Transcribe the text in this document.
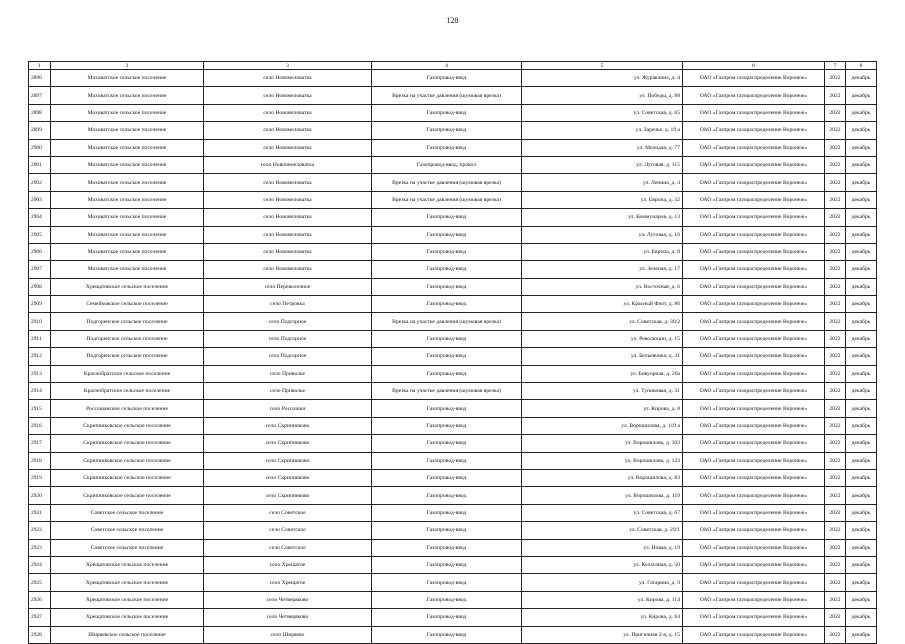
128
1	2	3	4	5	6	7	8
2896	Моховатское сельское поселение	село Новомеловатка	Газопровод-ввод	ул. Журавлина, д. 4	ОАО «Газпром газораспределение Воронеж»	2022	декабрь
2897	Моховатское сельское поселение	село Новомеловатка	Врезка на участке давления (шумовая врезка)	ул. Победы, д. 88	ОАО «Газпром газораспределение Воронеж»	2022	декабрь
2898	Моховатское сельское поселение	село Новомеловатка	Газопровод-ввод	ул. Советская, д. 65	ОАО «Газпром газораспределение Воронеж»	2022	декабрь
2899	Моховатское сельское поселение	село Новомеловатка	Газопровод-ввод	ул. Заречье, д. 19 а	ОАО «Газпром газораспределение Воронеж»	2022	декабрь
2900	Моховатское сельское поселение	село Новомеловатка	Газопровод-ввод	ул. Молодая, д. 77	ОАО «Газпром газораспределение Воронеж»	2022	декабрь
2901	Моховатское сельское поселение	село Новочемеловатка	Газопровод-ввод, прокол	ул. Луговая, д. 115	ОАО «Газпром газораспределение Воронеж»	2022	декабрь
2902	Моховатское сельское поселение	село Новомеловатка	Врезка на участке давления (шумовая врезка)	ул. Ленина, д. 4	ОАО «Газпром газораспределение Воронеж»	2022	декабрь
2903	Моховатское сельское поселение	село Новомеловатка	Врезка на участке давления (шумовая врезка)	ул. Европа, д. 32	ОАО «Газпром газораспределение Воронеж»	2022	декабрь
2904	Моховатское сельское поселение	село Новомеловатка	Газопровод-ввод	ул. Коммунаров, д. 13	ОАО «Газпром газораспределение Воронеж»	2022	декабрь
2905	Моховатское сельское поселение	село Новомеловатка	Газопровод-ввод	ул. Луговая, д. 16	ОАО «Газпром газораспределение Воронеж»	2022	декабрь
2906	Моховатское сельское поселение	село Новомеловатка	Газопровод-ввод	ул. Европа, д. 8	ОАО «Газпром газораспределение Воронеж»	2022	декабрь
2907	Моховатское сельское поселение	село Новомеловатка	Газопровод-ввод	ул. Зеленая, д. 17	ОАО «Газпром газораспределение Воронеж»	2022	декабрь
2908	Хрещатовское сельское поселение	село Переволочное	Газопровод-ввод	ул. Восточная, д. 6	ОАО «Газпром газораспределение Воронеж»	2022	декабрь
2909	Семейковское сельское поселение	село Петровка	Газопровод-ввод	ул. Красный Флот, д. 86	ОАО «Газпром газораспределение Воронеж»	2022	декабрь
2910	Подгоренское сельское поселение	село Подгорное	Врезка на участке давления (шумовая врезка)	ул. Советская, д. 30/2	ОАО «Газпром газораспределение Воронеж»	2022	декабрь
2911	Подгоренское сельское поселение	село Подгорное	Газопровод-ввод	ул. Революции, д. 15	ОАО «Газпром газораспределение Воронеж»	2022	декабрь
2912	Подгоренское сельское поселение	село Подгорное	Газопровод-ввод	ул. Бельевчика, д. 31	ОАО «Газпром газораспределение Воронеж»	2022	декабрь
2913	Краснобратское сельское поселение	село Приволье	Газопровод-ввод	ул. Бивуорная, д. 20а	ОАО «Газпром газораспределение Воронеж»	2022	декабрь
2914	Краснобратское сельское поселение	село Приволье	Врезка на участке давления (шумовая врезка)	ул. Тупиковая, д. 31	ОАО «Газпром газораспределение Воронеж»	2022	декабрь
2915	Россошанское сельское поселение	село Россошки	Газопровод-ввод	ул. Кирова, д. 8	ОАО «Газпром газораспределение Воронеж»	2022	декабрь
2916	Скрипниковское сельское поселение	село Скрипниково	Газопровод-ввод	ул. Ворошилова, д. 119 а	ОАО «Газпром газораспределение Воронеж»	2022	декабрь
2917	Скрипниковское сельское поселение	село Скрипниково	Газопровод-ввод	ул. Ворошилова, д. 103	ОАО «Газпром газораспределение Воронеж»	2022	декабрь
2918	Скрипниковское сельское поселение	село Скрипниково	Газопровод-ввод	ул. Ворошилова, д. 123	ОАО «Газпром газораспределение Воронеж»	2022	декабрь
2919	Скрипниковское сельское поселение	село Скрипниково	Газопровод-ввод	ул. Ворошилова, д. 83	ОАО «Газпром газораспределение Воронеж»	2022	декабрь
2920	Скрипниковское сельское поселение	село Скрипниково	Газопровод-ввод	ул. Ворошилова, д. 119	ОАО «Газпром газораспределение Воронеж»	2022	декабрь
2921	Советское сельское поселение	село Советское	Газопровод-ввод	ул. Советская, д. 67	ОАО «Газпром газораспределение Воронеж»	2022	декабрь
2922	Советское сельское поселение	село Советское	Газопровод-ввод	ул. Советская, д. 29/1	ОАО «Газпром газораспределение Воронеж»	2022	декабрь
2923	Советское сельское поселение	село Советское	Газопровод-ввод	ул. Новая, д. 19	ОАО «Газпром газораспределение Воронеж»	2022	декабрь
2924	Хрещатовское сельское поселение	село Хрещатое	Газопровод-ввод	ул. Колхозная, д. 50	ОАО «Газпром газораспределение Воронеж»	2022	декабрь
2925	Хрещатовское сельское поселение	село Хрещатое	Газопровод-ввод	ул. Гагарина, д. 9	ОАО «Газпром газораспределение Воронеж»	2022	декабрь
2926	Хрещатовское сельское поселение	село Четверяково	Газопровод-ввод	ул. Кирова, д. 114	ОАО «Газпром газораспределение Воронеж»	2022	декабрь
2927	Хрещатовское сельское поселение	село Четверяково	Газопровод-ввод	ул. Кирова, д. 64	ОАО «Газпром газораспределение Воронеж»	2022	декабрь
2928	Ширяевское сельское поселение	село Ширяево	Газопровод-ввод	ул. Пригичная 2-я, д. 15	ОАО «Газпром газораспределение Воронеж»	2022	декабрь
